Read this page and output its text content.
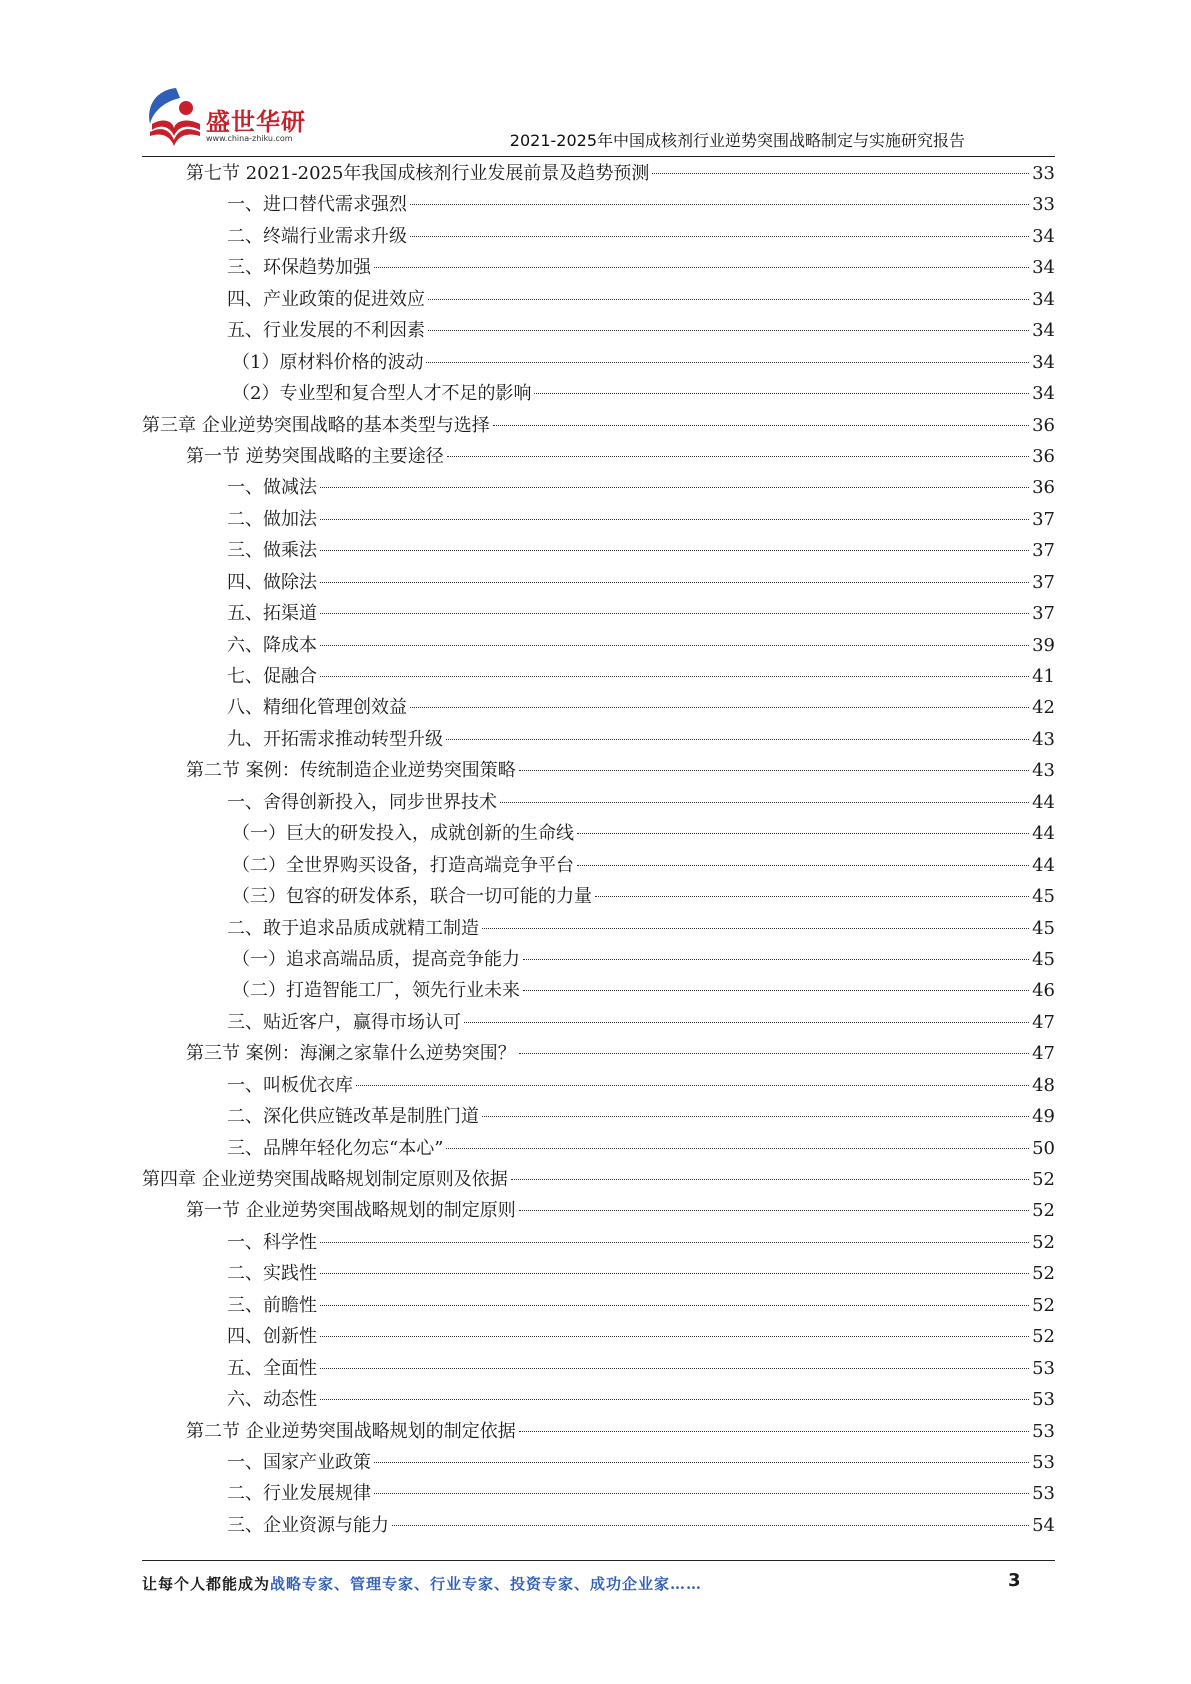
盛世华研
www.china-zhiku.com	2021-2025年中国成核剂行业逆势突围战略制定与实施研究报告
第七节 2021-2025年我国成核剂行业发展前景及趋势预测	33
一、进口替代需求强烈	33
二、终端行业需求升级	34
三、环保趋势加强	34
四、产业政策的促进效应	34
五、行业发展的不利因素	34
（1）原材料价格的波动	34
（2）专业型和复合型人才不足的影响	34
第三章 企业逆势突围战略的基本类型与选择	36
第一节 逆势突围战略的主要途径	36
一、做减法	36
二、做加法	37
三、做乘法	37
四、做除法	37
五、拓渠道	37
六、降成本	39
七、促融合	41
八、精细化管理创效益	42
九、开拓需求推动转型升级	43
第二节 案例：传统制造企业逆势突围策略	43
一、舍得创新投入，同步世界技术	44
（一）巨大的研发投入，成就创新的生命线	44
（二）全世界购买设备，打造高端竞争平台	44
（三）包容的研发体系，联合一切可能的力量	45
二、敢于追求品质成就精工制造	45
（一）追求高端品质，提高竞争能力	45
（二）打造智能工厂，领先行业未来	46
三、贴近客户，赢得市场认可	47
第三节 案例：海澜之家靠什么逆势突围？	47
一、叫板优衣库	48
二、深化供应链改革是制胜门道	49
三、品牌年轻化勿忘“本心”	50
第四章 企业逆势突围战略规划制定原则及依据	52
第一节 企业逆势突围战略规划的制定原则	52
一、科学性	52
二、实践性	52
三、前瞻性	52
四、创新性	52
五、全面性	53
六、动态性	53
第二节 企业逆势突围战略规划的制定依据	53
一、国家产业政策	53
二、行业发展规律	53
三、企业资源与能力	54
让每个人都能成为战略专家、管理专家、行业专家、投资专家、成功企业家……	3
